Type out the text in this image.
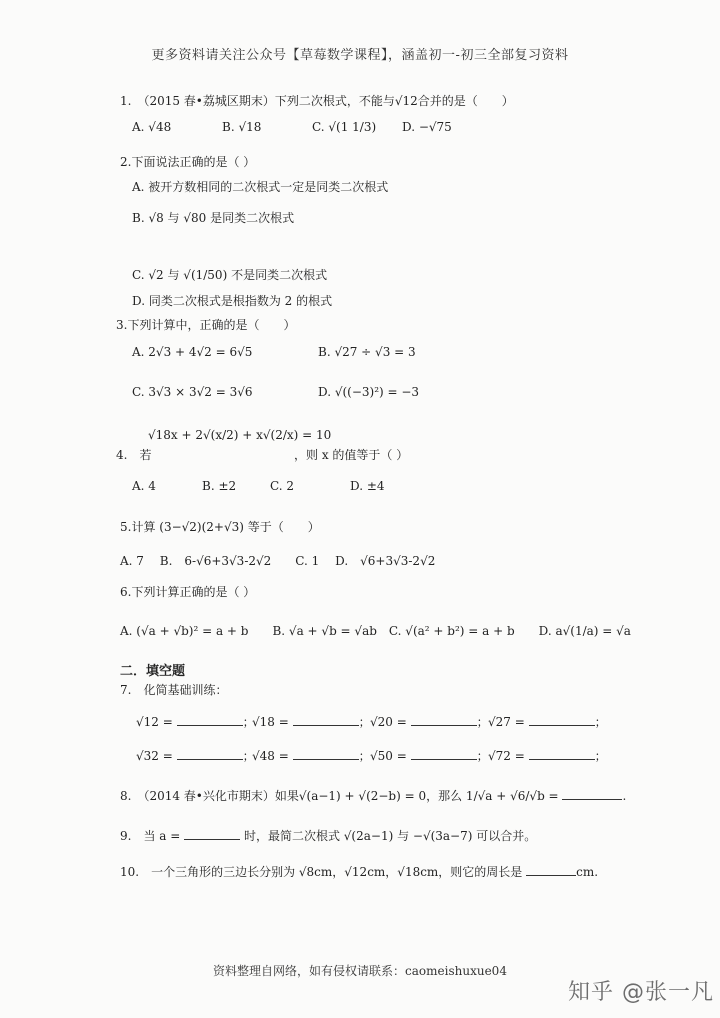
更多资料请关注公众号【草莓数学课程】，涵盖初一-初三全部复习资料
1.　（2015 春•荔城区期末）下列二次根式，不能与√12合并的是（　　）
A. √48	B. √18	C. √(1 1/3) D. −√75
2.下面说法正确的是（ ）
A. 被开方数相同的二次根式一定是同类二次根式
B. √8 与 √80 是同类二次根式
C. √2 与 √(1/50) 不是同类二次根式
D. 同类二次根式是根指数为 2 的根式
3.下列计算中，正确的是（　　）
A. 2√3 + 4√2 = 6√5	B. √27 ÷ √3 = 3
C. 3√3 × 3√2 = 3√6	D. √((−3)²) = −3
√18x + 2√(x/2) + x√(2/x) = 10
4.　若	，则 x 的值等于（ ）
A. 4	B. ±2	C. 2	D. ±4
5.计算 (3−√2)(2+√3) 等于（　　）
A. 7　 B.　6-√6+3√3-2√2　　C. 1　 D.　√6+3√3-2√2
6.下列计算正确的是（ ）
A. (√a + √b)² = a + b　　B. √a + √b = √ab　C. √(a² + b²) = a + b　　D. a√(1/a) = √a
二．填空题
7.　化简基础训练：
√12 =	；
√18 =	； √20 =	； √27 =	；
√32 =	；
√48 =	； √50 =	； √72 =	；
8.　（2014 春•兴化市期末）如果√(a−1) + √(2−b) = 0，那么 1/√a + √6/√b =	.
9.　当 a =	时，最简二次根式 √(2a−1) 与 −√(3a−7) 可以合并。
10.　一个三角形的三边长分别为 √8cm，√12cm，√18cm，则它的周长是	cm.
资料整理自网络，如有侵权请联系：caomeishuxue04
知乎 @张一凡
